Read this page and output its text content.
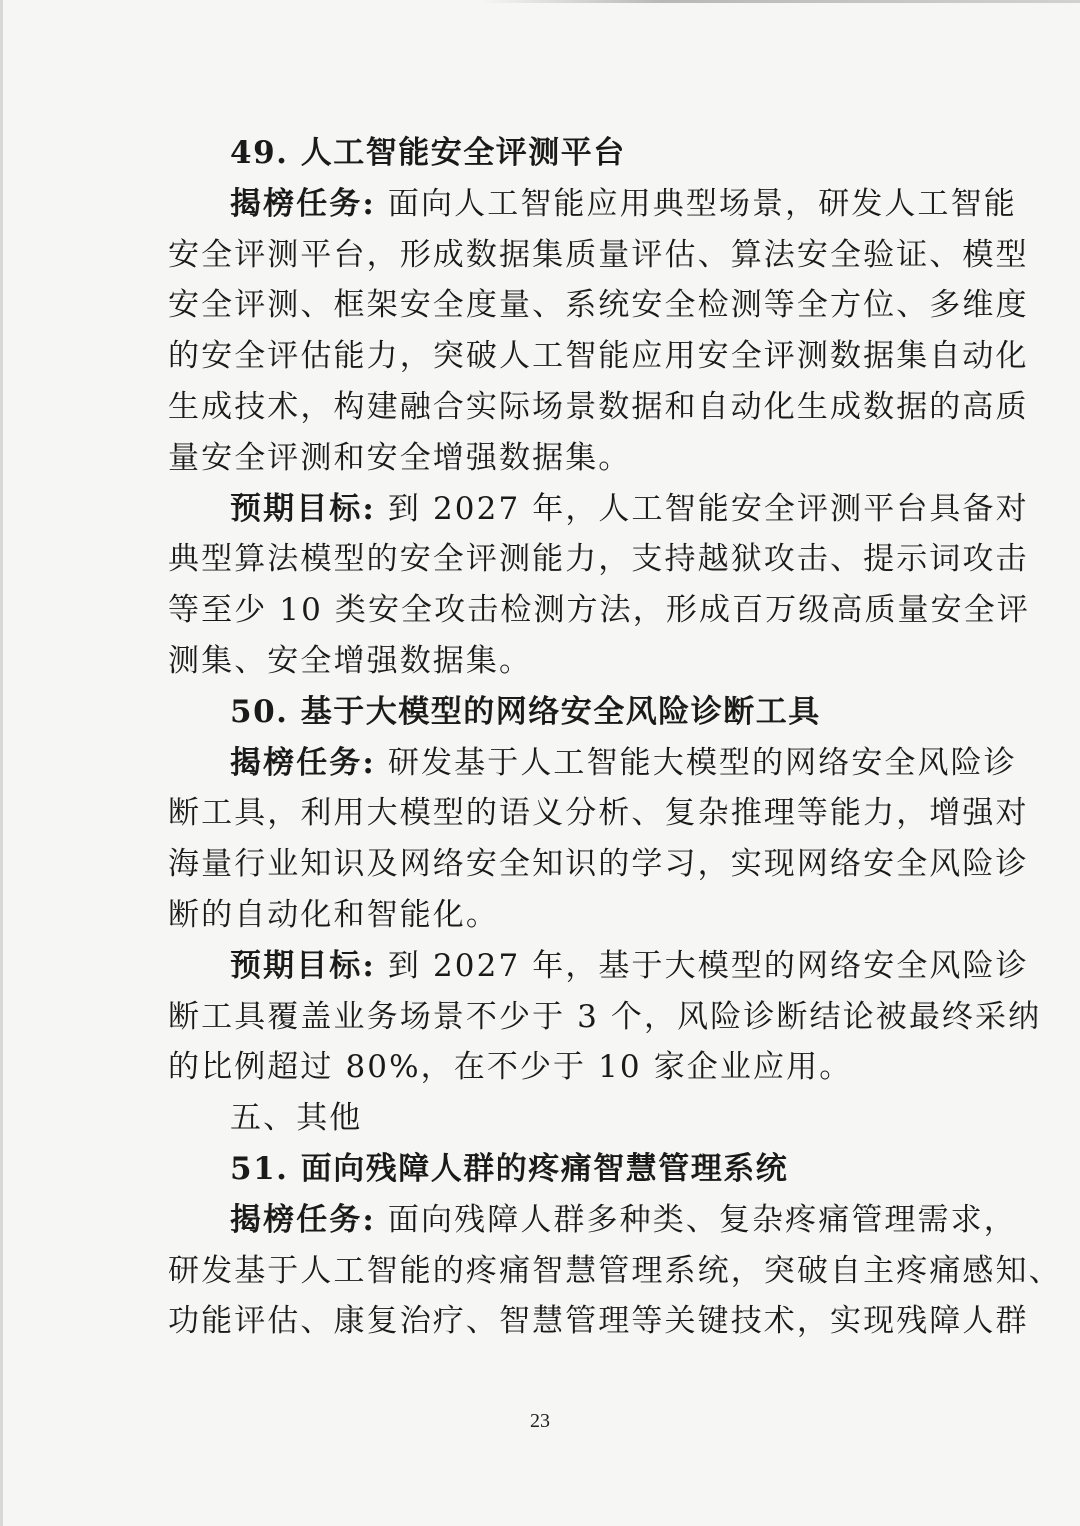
49. 人工智能安全评测平台

揭榜任务: 面向人工智能应用典型场景，研发人工智能

安全评测平台，形成数据集质量评估、算法安全验证、模型

安全评测、框架安全度量、系统安全检测等全方位、多维度

的安全评估能力，突破人工智能应用安全评测数据集自动化

生成技术，构建融合实际场景数据和自动化生成数据的高质

量安全评测和安全增强数据集。

预期目标: 到 2027 年，人工智能安全评测平台具备对

典型算法模型的安全评测能力，支持越狱攻击、提示词攻击

等至少 10 类安全攻击检测方法，形成百万级高质量安全评

测集、安全增强数据集。

50. 基于大模型的网络安全风险诊断工具

揭榜任务: 研发基于人工智能大模型的网络安全风险诊

断工具，利用大模型的语义分析、复杂推理等能力，增强对

海量行业知识及网络安全知识的学习，实现网络安全风险诊

断的自动化和智能化。

预期目标: 到 2027 年，基于大模型的网络安全风险诊

断工具覆盖业务场景不少于 3 个，风险诊断结论被最终采纳

的比例超过 80%，在不少于 10 家企业应用。

五、其他

51. 面向残障人群的疼痛智慧管理系统

揭榜任务: 面向残障人群多种类、复杂疼痛管理需求，

研发基于人工智能的疼痛智慧管理系统，突破自主疼痛感知、

功能评估、康复治疗、智慧管理等关键技术，实现残障人群

23
